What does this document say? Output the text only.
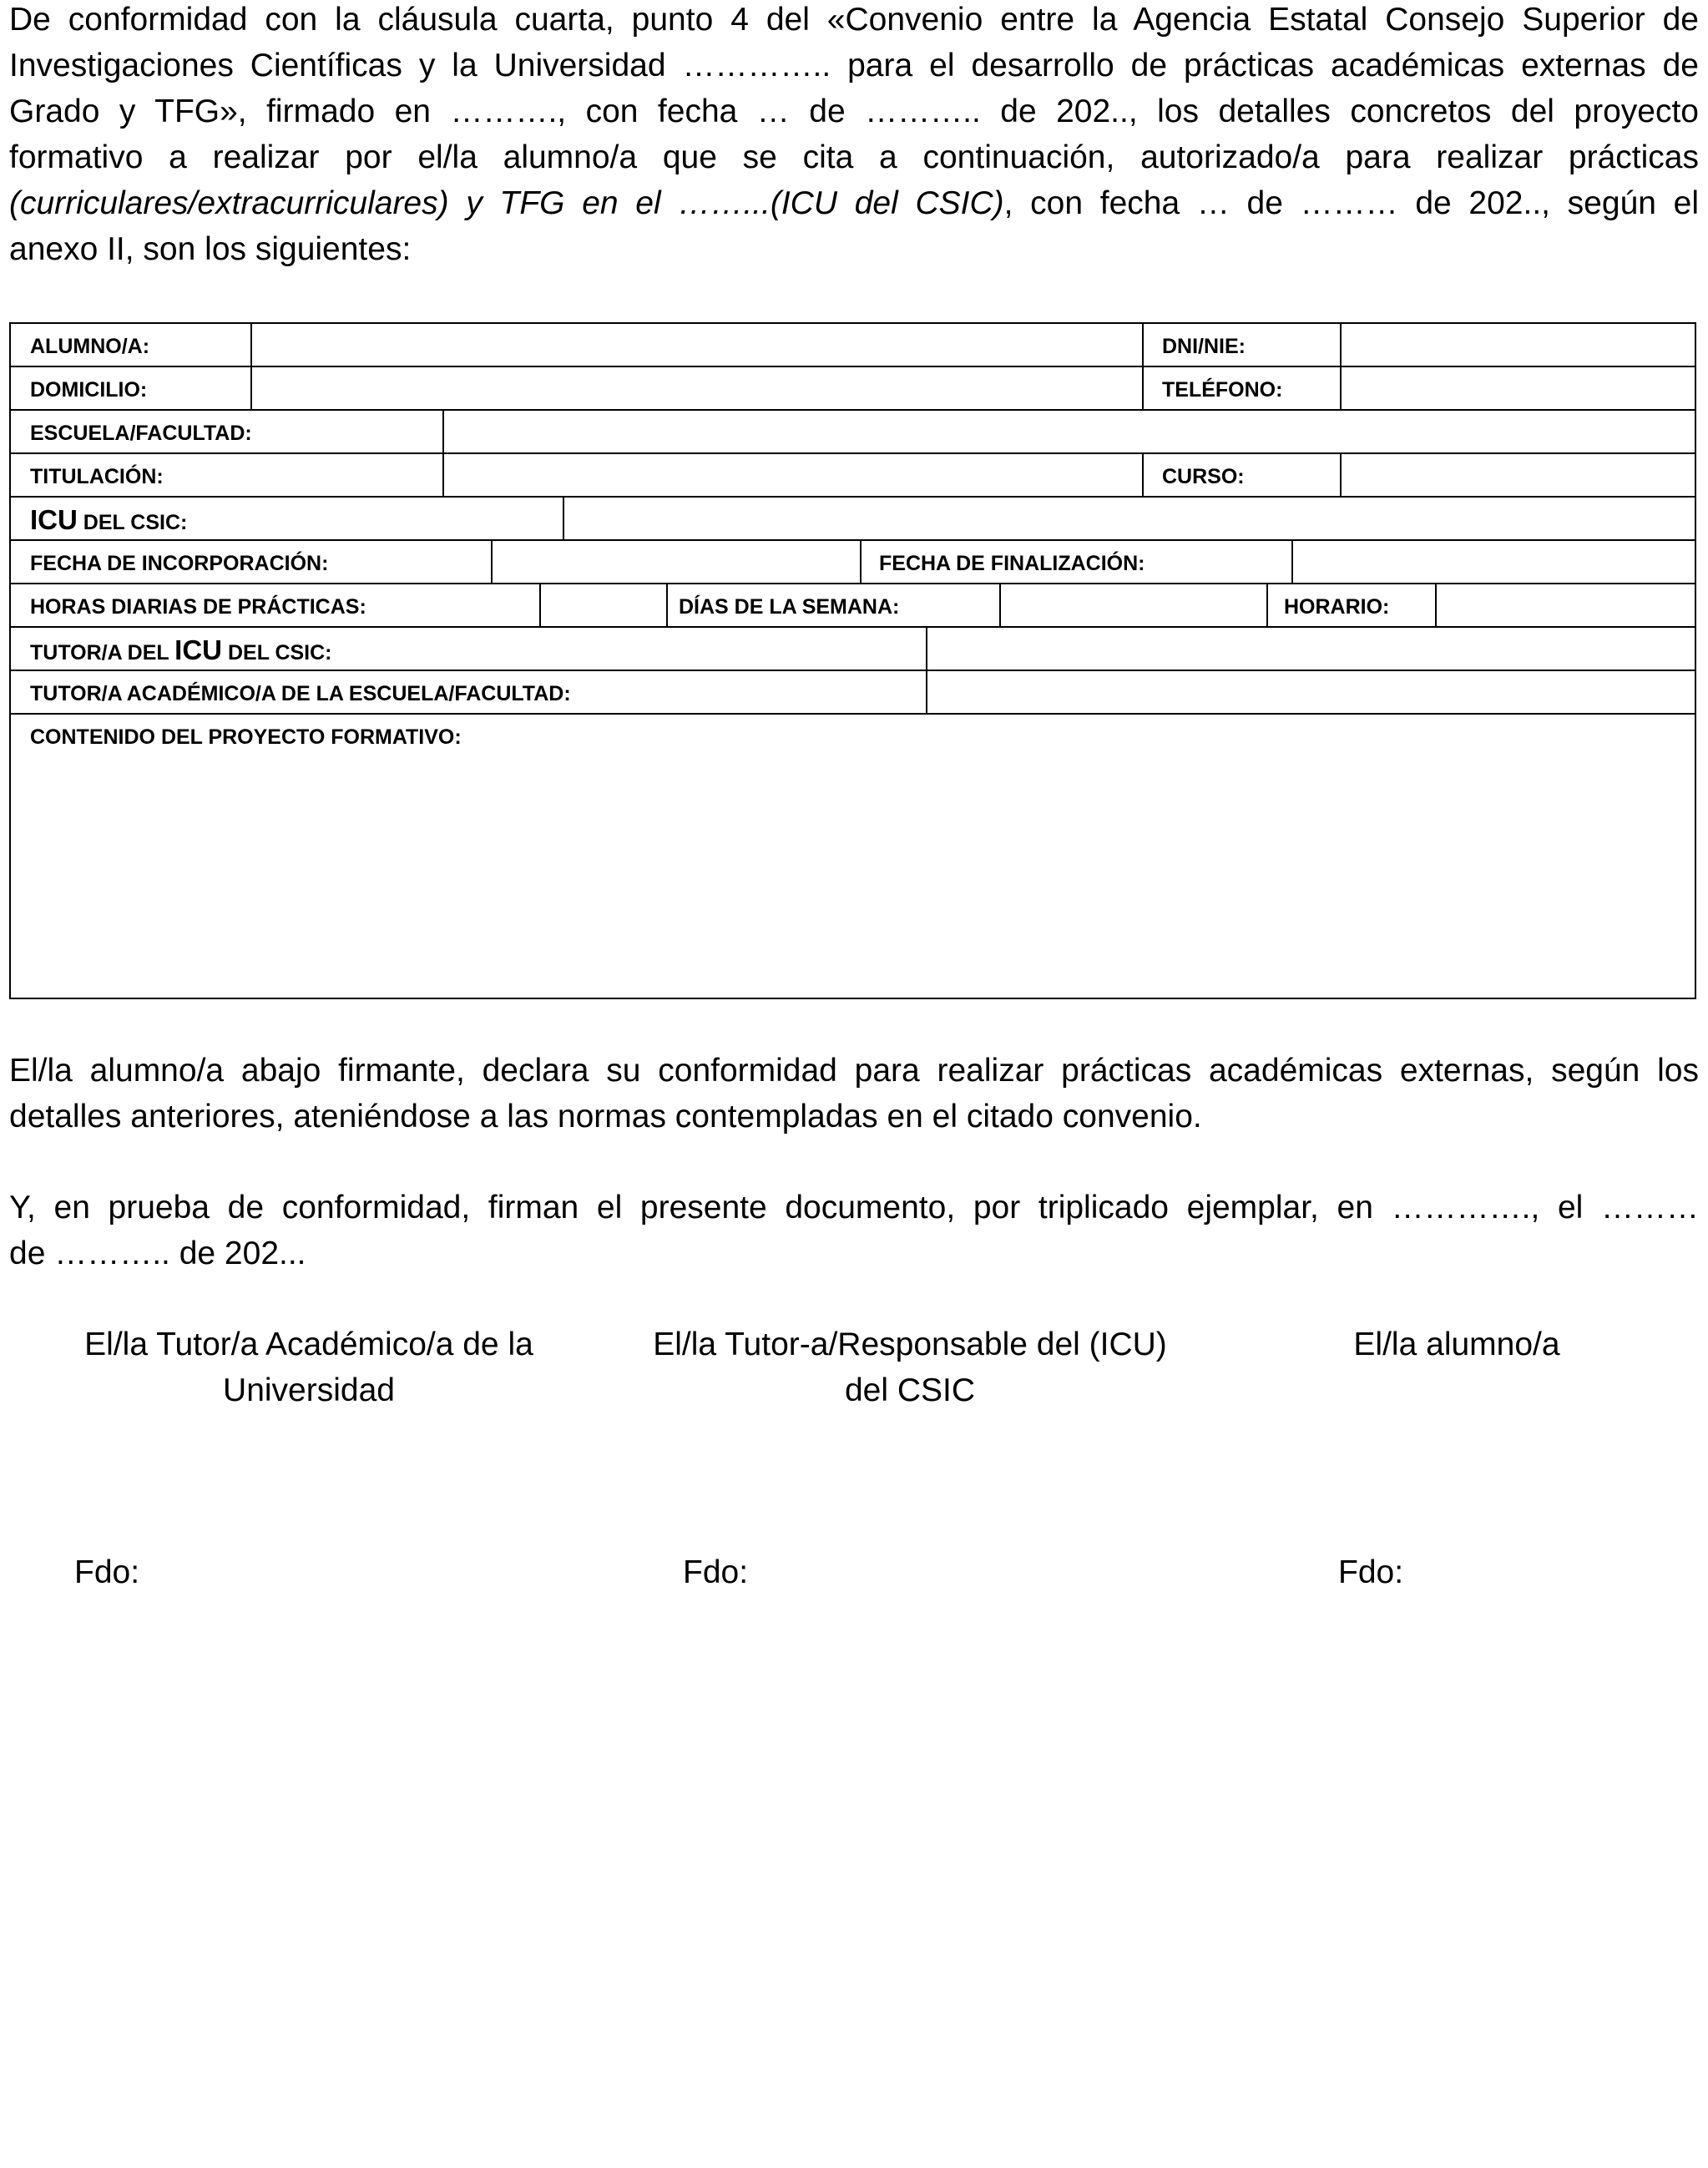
De conformidad con la cláusula cuarta, punto 4 del «Convenio entre la Agencia Estatal Consejo Superior de
Investigaciones Científicas y la Universidad ………….. para el desarrollo de prácticas académicas externas de
Grado y TFG», firmado en ………., con fecha … de ……….. de 202.., los detalles concretos del proyecto
formativo a realizar por el/la alumno/a que se cita a continuación, autorizado/a para realizar prácticas
(curriculares/extracurriculares) y TFG en el ……...(ICU del CSIC), con fecha … de ……… de 202.., según el
anexo II, son los siguientes:
ALUMNO/A:	DNI/NIE:
DOMICILIO:	TELÉFONO:
ESCUELA/FACULTAD:
TITULACIÓN:	CURSO:
ICU DEL CSIC:
FECHA DE INCORPORACIÓN:	FECHA DE FINALIZACIÓN:
HORAS DIARIAS DE PRÁCTICAS:	DÍAS DE LA SEMANA:	HORARIO:
TUTOR/A DEL ICU DEL CSIC:
TUTOR/A ACADÉMICO/A DE LA ESCUELA/FACULTAD:
CONTENIDO DEL PROYECTO FORMATIVO:
El/la alumno/a abajo firmante, declara su conformidad para realizar prácticas académicas externas, según los
detalles anteriores, ateniéndose a las normas contempladas en el citado convenio.
Y, en prueba de conformidad, firman el presente documento, por triplicado ejemplar, en …………., el ………
de ……….. de 202...
El/la Tutor/a Académico/a de la
Universidad
El/la Tutor-a/Responsable del (ICU)
del CSIC
El/la alumno/a
Fdo:	Fdo:	Fdo:
